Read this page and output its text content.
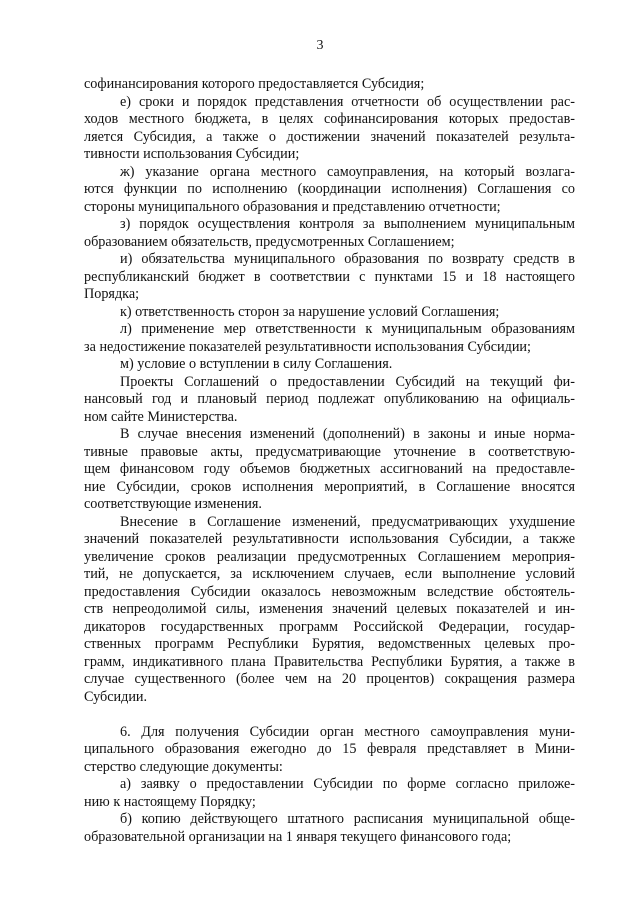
3
софинансирования которого предоставляется Субсидия;
е) сроки и порядок представления отчетности об осуществлении рас-
ходов местного бюджета, в целях софинансирования которых предостав-
ляется Субсидия, а также о достижении значений показателей результа-
тивности использования Субсидии;
ж) указание органа местного самоуправления, на который возлага-
ются функции по исполнению (координации исполнения) Соглашения со
стороны муниципального образования и представлению отчетности;
з) порядок осуществления контроля за выполнением муниципальным
образованием обязательств, предусмотренных Соглашением;
и) обязательства муниципального образования по возврату средств в
республиканский бюджет в соответствии с пунктами 15 и 18 настоящего
Порядка;
к) ответственность сторон за нарушение условий Соглашения;
л) применение мер ответственности к муниципальным образованиям
за недостижение показателей результативности использования Субсидии;
м) условие о вступлении в силу Соглашения.
Проекты Соглашений о предоставлении Субсидий на текущий фи-
нансовый год и плановый период подлежат опубликованию на официаль-
ном сайте Министерства.
В случае внесения изменений (дополнений) в законы и иные норма-
тивные правовые акты, предусматривающие уточнение в соответствую-
щем финансовом году объемов бюджетных ассигнований на предоставле-
ние Субсидии, сроков исполнения мероприятий, в Соглашение вносятся
соответствующие изменения.
Внесение в Соглашение изменений, предусматривающих ухудшение
значений показателей результативности использования Субсидии, а также
увеличение сроков реализации предусмотренных Соглашением мероприя-
тий, не допускается, за исключением случаев, если выполнение условий
предоставления Субсидии оказалось невозможным вследствие обстоятель-
ств непреодолимой силы, изменения значений целевых показателей и ин-
дикаторов государственных программ Российской Федерации, государ-
ственных программ Республики Бурятия, ведомственных целевых про-
грамм, индикативного плана Правительства Республики Бурятия, а также в
случае существенного (более чем на 20 процентов) сокращения размера
Субсидии.
6. Для получения Субсидии орган местного самоуправления муни-
ципального образования ежегодно до 15 февраля представляет в Мини-
стерство следующие документы:
а) заявку о предоставлении Субсидии по форме согласно приложе-
нию к настоящему Порядку;
б) копию действующего штатного расписания муниципальной обще-
образовательной организации на 1 января текущего финансового года;
